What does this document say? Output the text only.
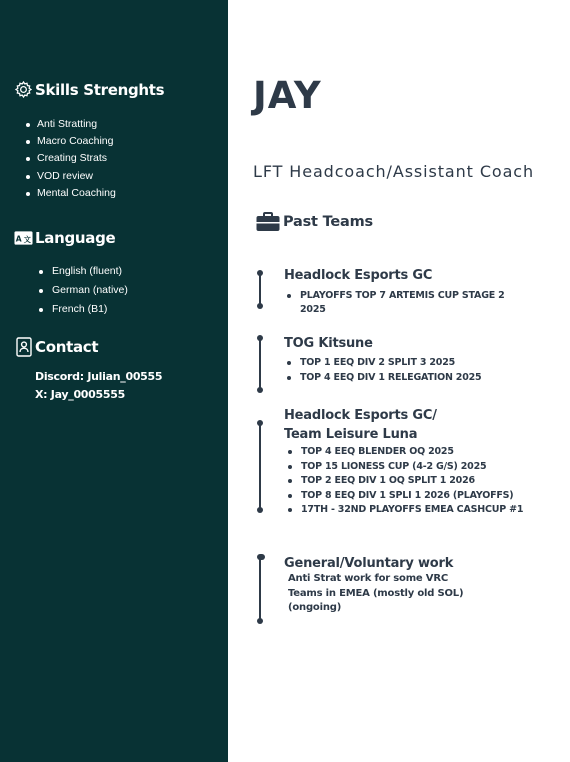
Skills Strenghts
Anti Stratting
Macro Coaching
Creating Strats
VOD review
Mental Coaching
A 文 Language
English (fluent)
German (native)
French (B1)
Contact
Discord: Julian_00555
X: Jay_0005555
JAY
LFT Headcoach/Assistant Coach
Past Teams
Headlock Esports GC
PLAYOFFS TOP 7 ARTEMIS CUP STAGE 2
2025
TOG Kitsune
TOP 1 EEQ DIV 2 SPLIT 3 2025
TOP 4 EEQ DIV 1 RELEGATION 2025
Headlock Esports GC/
Team Leisure Luna
TOP 4 EEQ BLENDER OQ 2025
TOP 15 LIONESS CUP (4-2 G/S) 2025
TOP 2 EEQ DIV 1 OQ SPLIT 1 2026
TOP 8 EEQ DIV 1 SPLI 1 2026 (PLAYOFFS)
17TH - 32ND PLAYOFFS EMEA CASHCUP #1
General/Voluntary work
Anti Strat work for some VRC
Teams in EMEA (mostly old SOL)
(ongoing)
